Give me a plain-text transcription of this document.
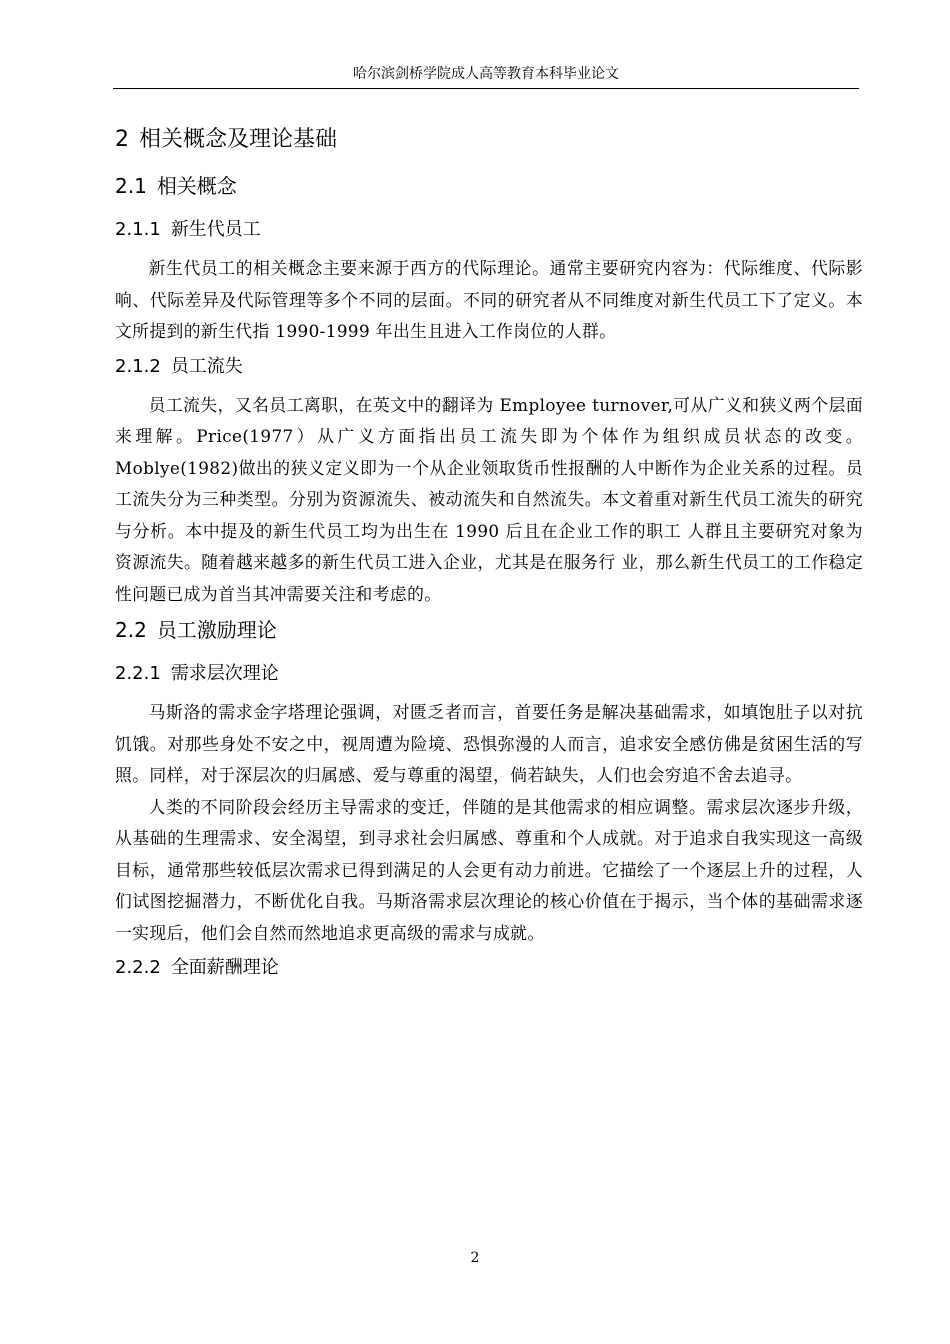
哈尔滨剑桥学院成人高等教育本科毕业论文
2 相关概念及理论基础
2.1 相关概念
2.1.1 新生代员工

新生代员工的相关概念主要来源于西方的代际理论。通常主要研究内容为：代际维度、代际影响、代际差异及代际管理等多个不同的层面。不同的研究者从不同维度对新生代员工下了定义。本文所提到的新生代指 1990-1999 年出生且进入工作岗位的人群。

2.1.2 员工流失

员工流失，又名员工离职，在英文中的翻译为 Employee turnover,可从广义和狭义两个层面来理解。Price(1977）从广义方面指出员工流失即为个体作为组织成员状态的改变。Moblye(1982)做出的狭义定义即为一个从企业领取货币性报酬的人中断作为企业关系的过程。员工流失分为三种类型。分别为资源流失、被动流失和自然流失。本文着重对新生代员工流失的研究与分析。本中提及的新生代员工均为出生在 1990 后且在企业工作的职工 人群且主要研究对象为资源流失。随着越来越多的新生代员工进入企业，尤其是在服务行 业，那么新生代员工的工作稳定性问题已成为首当其冲需要关注和考虑的。

2.2 员工激励理论
2.2.1 需求层次理论

马斯洛的需求金字塔理论强调，对匮乏者而言，首要任务是解决基础需求，如填饱肚子以对抗饥饿。对那些身处不安之中，视周遭为险境、恐惧弥漫的人而言，追求安全感仿佛是贫困生活的写照。同样，对于深层次的归属感、爱与尊重的渴望，倘若缺失，人们也会穷追不舍去追寻。

人类的不同阶段会经历主导需求的变迁，伴随的是其他需求的相应调整。需求层次逐步升级，从基础的生理需求、安全渴望，到寻求社会归属感、尊重和个人成就。对于追求自我实现这一高级目标，通常那些较低层次需求已得到满足的人会更有动力前进。它描绘了一个逐层上升的过程，人们试图挖掘潜力，不断优化自我。马斯洛需求层次理论的核心价值在于揭示，当个体的基础需求逐一实现后，他们会自然而然地追求更高级的需求与成就。

2.2.2 全面薪酬理论
2
